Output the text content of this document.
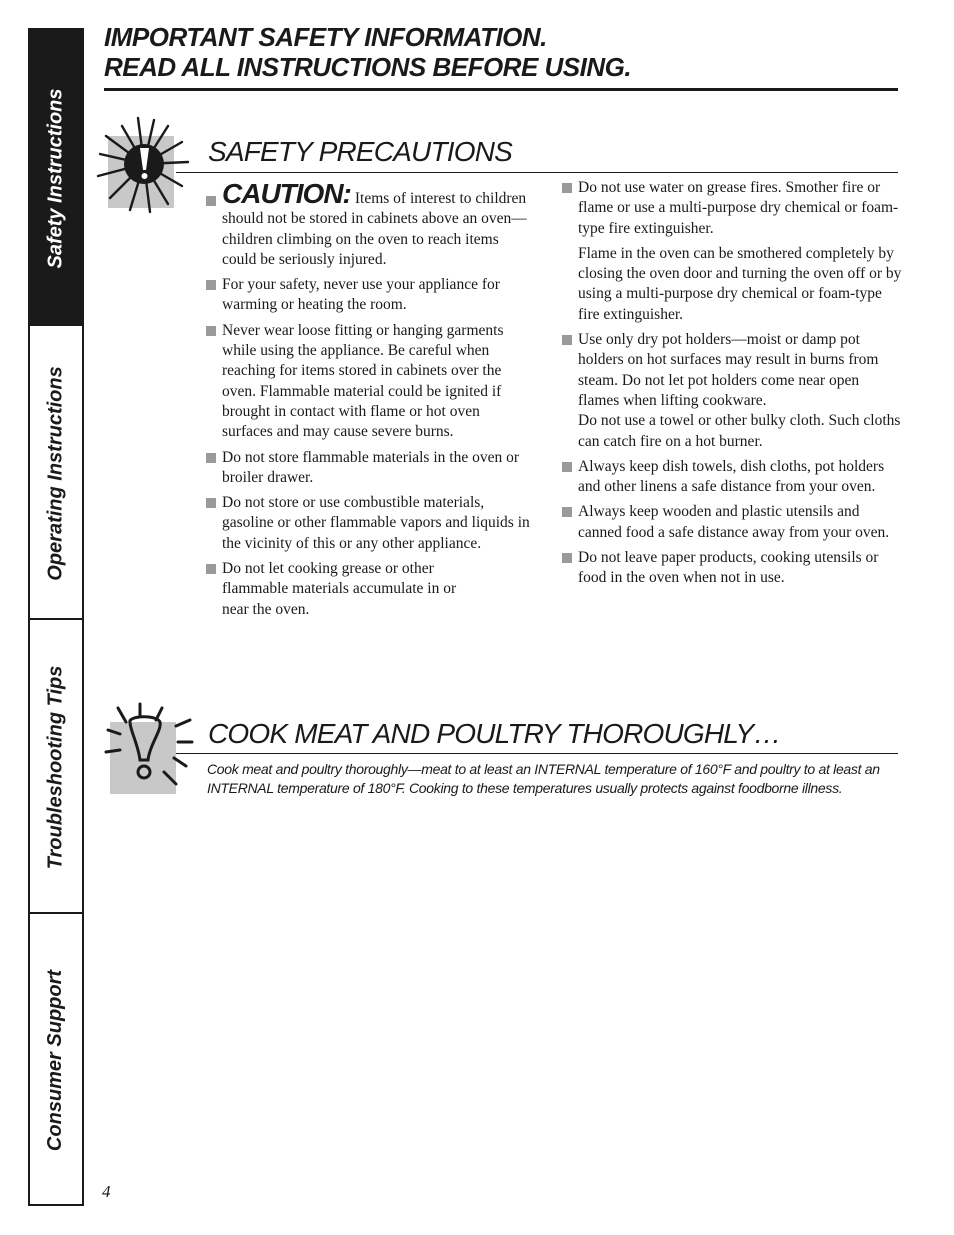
Safety Instructions
Operating Instructions
Troubleshooting Tips
Consumer Support
IMPORTANT SAFETY INFORMATION.
READ ALL INSTRUCTIONS BEFORE USING.
SAFETY PRECAUTIONS
CAUTION: Items of interest to children should not be stored in cabinets above an oven—children climbing on the oven to reach items could be seriously injured.
For your safety, never use your appliance for warming or heating the room.
Never wear loose fitting or hanging garments while using the appliance. Be careful when reaching for items stored in cabinets over the oven. Flammable material could be ignited if brought in contact with flame or hot oven surfaces and may cause severe burns.
Do not store flammable materials in the oven or broiler drawer.
Do not store or use combustible materials, gasoline or other flammable vapors and liquids in the vicinity of this or any other appliance.
Do not let cooking grease or other flammable materials accumulate in or near the oven.
Do not use water on grease fires. Smother fire or flame or use a multi-purpose dry chemical or foam-type fire extinguisher.
Flame in the oven can be smothered completely by closing the oven door and turning the oven off or by using a multi-purpose dry chemical or foam-type fire extinguisher.
Use only dry pot holders—moist or damp pot holders on hot surfaces may result in burns from steam. Do not let pot holders come near open flames when lifting cookware.
Do not use a towel or other bulky cloth. Such cloths can catch fire on a hot burner.
Always keep dish towels, dish cloths, pot holders and other linens a safe distance from your oven.
Always keep wooden and plastic utensils and canned food a safe distance away from your oven.
Do not leave paper products, cooking utensils or food in the oven when not in use.
COOK MEAT AND POULTRY THOROUGHLY…
Cook meat and poultry thoroughly—meat to at least an INTERNAL temperature of 160°F and poultry to at least an INTERNAL temperature of 180°F. Cooking to these temperatures usually protects against foodborne illness.
4
